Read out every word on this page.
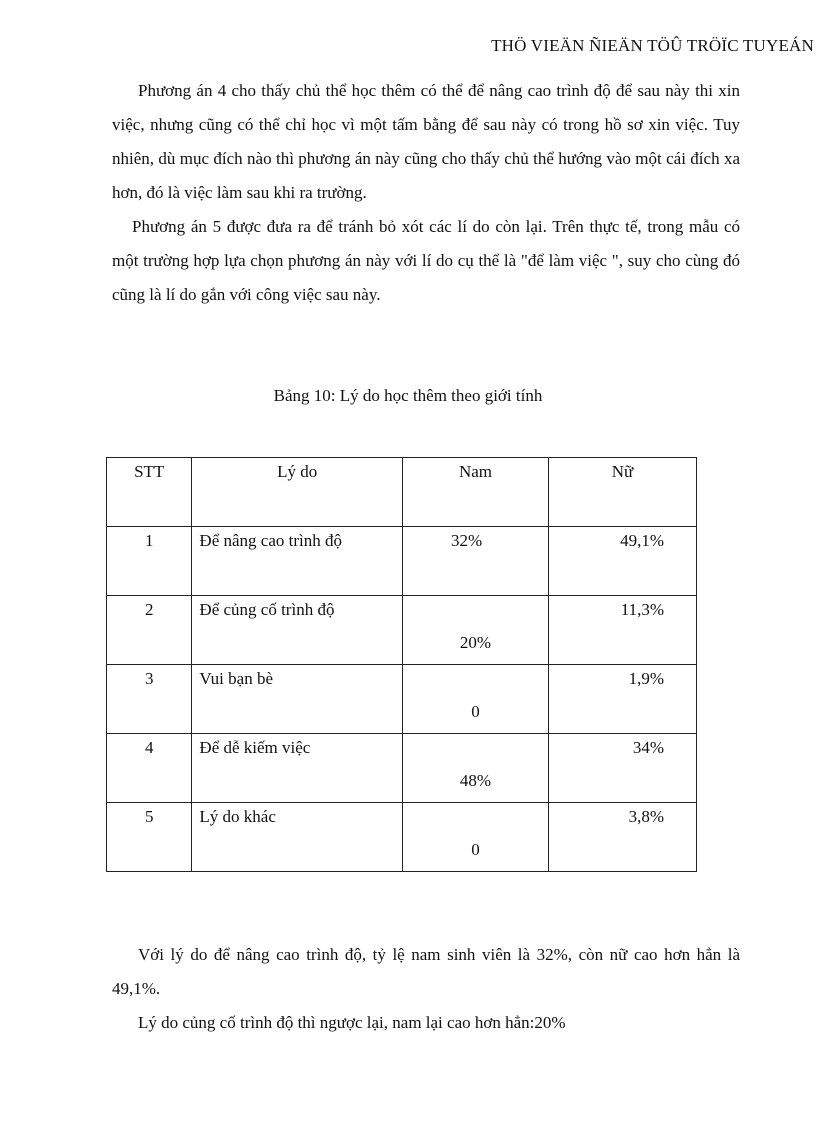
THÖ VIEÄN ÑIEÄN TÖÛ TRÖÏC TUYEÁN

Phương án 4 cho thấy chủ thể học thêm có thể để nâng cao trình độ để sau này thi xin việc, nhưng cũng có thể chỉ học vì một tấm bằng để sau này có trong hồ sơ xin việc. Tuy nhiên, dù mục đích nào thì phương án này cũng cho thấy chủ thể hướng vào một cái đích xa hơn, đó là việc làm sau khi ra trường.

Phương án 5 được đưa ra để tránh bỏ xót các lí do còn lại. Trên thực tế, trong mẫu có một trường hợp lựa chọn phương án này với lí do cụ thể là "để làm việc ", suy cho cùng đó cũng là lí do gắn với công việc sau này.

Bảng 10: Lý do học thêm theo giới tính
STT	Lý do	Nam	Nữ

1	Để nâng cao trình độ	32%	49,1%

2	Để củng cố trình độ	20%	11,3%

3	Vui bạn bè	0	1,9%

4	Để dễ kiếm việc	48%	34%

5	Lý do khác	0	3,8%

Với lý do để nâng cao trình độ, tỷ lệ nam sinh viên là 32%, còn nữ cao hơn hẳn là 49,1%.

Lý do củng cố trình độ thì ngược lại, nam lại cao hơn hẳn:20%
